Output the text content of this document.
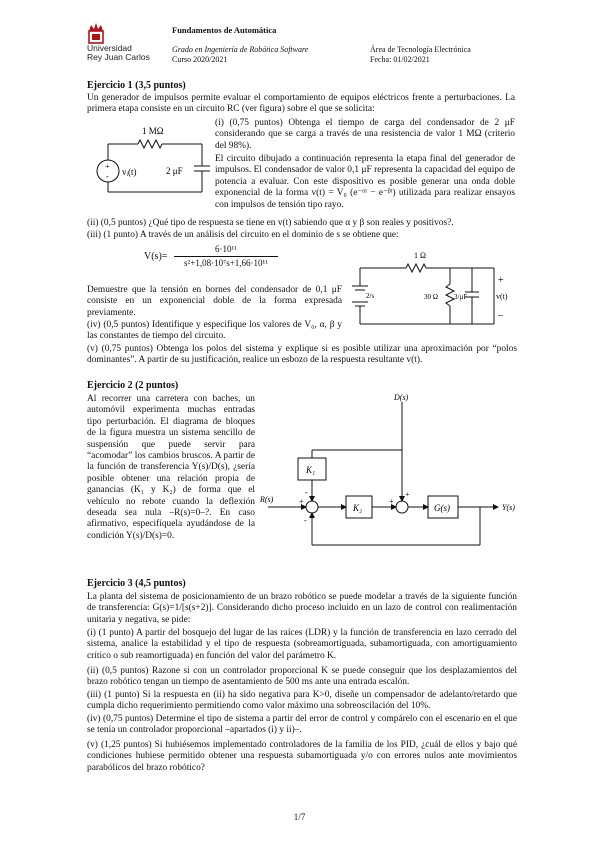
Universidad
Rey Juan Carlos
Fundamentos de Automática
Grado en Ingeniería de Robótica Software
Curso 2020/2021
Área de Tecnología Electrónica
Fecha: 01/02/2021
Ejercicio 1 (3,5 puntos)
Un generador de impulsos permite evaluar el comportamiento de equipos eléctricos frente a perturbaciones. La primera etapa consiste en un circuito RC (ver figura) sobre el que se solicita:
1 MΩ
2 μF
vᵢ(t)
+
-
(i) (0,75 puntos) Obtenga el tiempo de carga del condensador de 2 μF considerando que se carga a través de una resistencia de valor 1 MΩ (criterio del 98%).
El circuito dibujado a continuación representa la etapa final del generador de impulsos. El condensador de valor 0,1 μF representa la capacidad del equipo de potencia a evaluar. Con este dispositivo es posible generar una onda doble exponencial de la forma v(t) = V₀ (e⁻ᵅᵗ − e⁻ᵝᵗ) utilizada para realizar ensayos con impulsos de tensión tipo rayo.
(ii) (0,5 puntos) ¿Qué tipo de respuesta se tiene en v(t) sabiendo que α y β son reales y positivos?.
(iii) (1 punto) A través de un análisis del circuito en el dominio de s se obtiene que:
V(s)=
6·10¹¹
s²+1,08·10⁷s+1,66·10¹¹
1 Ω
2/s	30 Ω 3/μF	v(t)
+
–
Demuestre que la tensión en bornes del condensador de 0,1 μF consiste en un exponencial doble de la forma expresada previamente.
(iv) (0,5 puntos) Identifique y especifique los valores de V₀, α, β y las constantes de tiempo del circuito.
(v) (0,75 puntos) Obtenga los polos del sistema y explique si es posible utilizar una aproximación por “polos dominantes”. A partir de su justificación, realice un esbozo de la respuesta resultante v(t).
Ejercicio 2 (2 puntos)
Al recorrer una carretera con baches, un automóvil experimenta muchas entradas tipo perturbación. El diagrama de bloques de la figura muestra un sistema sencillo de suspensión que puede servir para “acomodar” los cambios bruscos. A partir de la función de transferencia Y(s)/D(s), ¿sería posible obtener una relación propia de ganancias (K₁ y K₂) de forma que el vehículo no rebote cuando la deflexión deseada sea nula –R(s)=0–?. En caso afirmativo, especifíquela ayudándose de la condición Y(s)/D(s)=0.
D(s)
K₁
K₂	G(s)
R(s)
Y(s)
+
-
-
+
+
Ejercicio 3 (4,5 puntos)
La planta del sistema de posicionamiento de un brazo robótico se puede modelar a través de la siguiente función de transferencia: G(s)=1/[s(s+2)]. Considerando dicho proceso incluido en un lazo de control con realimentación unitaria y negativa, se pide:
(i) (1 punto) A partir del bosquejo del lugar de las raíces (LDR) y la función de transferencia en lazo cerrado del sistema, analice la estabilidad y el tipo de respuesta (sobreamortiguada, subamortiguada, con amortiguamiento crítico o sub reamortiguada) en función del valor del parámetro K.
(ii) (0,5 puntos) Razone si con un controlador proporcional K se puede conseguir que los desplazamientos del brazo robótico tengan un tiempo de asentamiento de 500 ms ante una entrada escalón.
(iii) (1 punto) Si la respuesta en (ii) ha sido negativa para K>0, diseñe un compensador de adelanto/retardo que cumpla dicho requerimiento permitiendo como valor máximo una sobreoscilación del 10%.
(iv) (0,75 puntos) Determine el tipo de sistema a partir del error de control y compárelo con el escenario en el que se tenía un controlador proporcional –apartados (i) y ii)–.
(v) (1,25 puntos) Si hubiésemos implementado controladores de la familia de los PID, ¿cuál de ellos y bajo qué condiciones hubiese permitido obtener una respuesta subamortiguada y/o con errores nulos ante movimientos parabólicos del brazo robótico?
1/7
